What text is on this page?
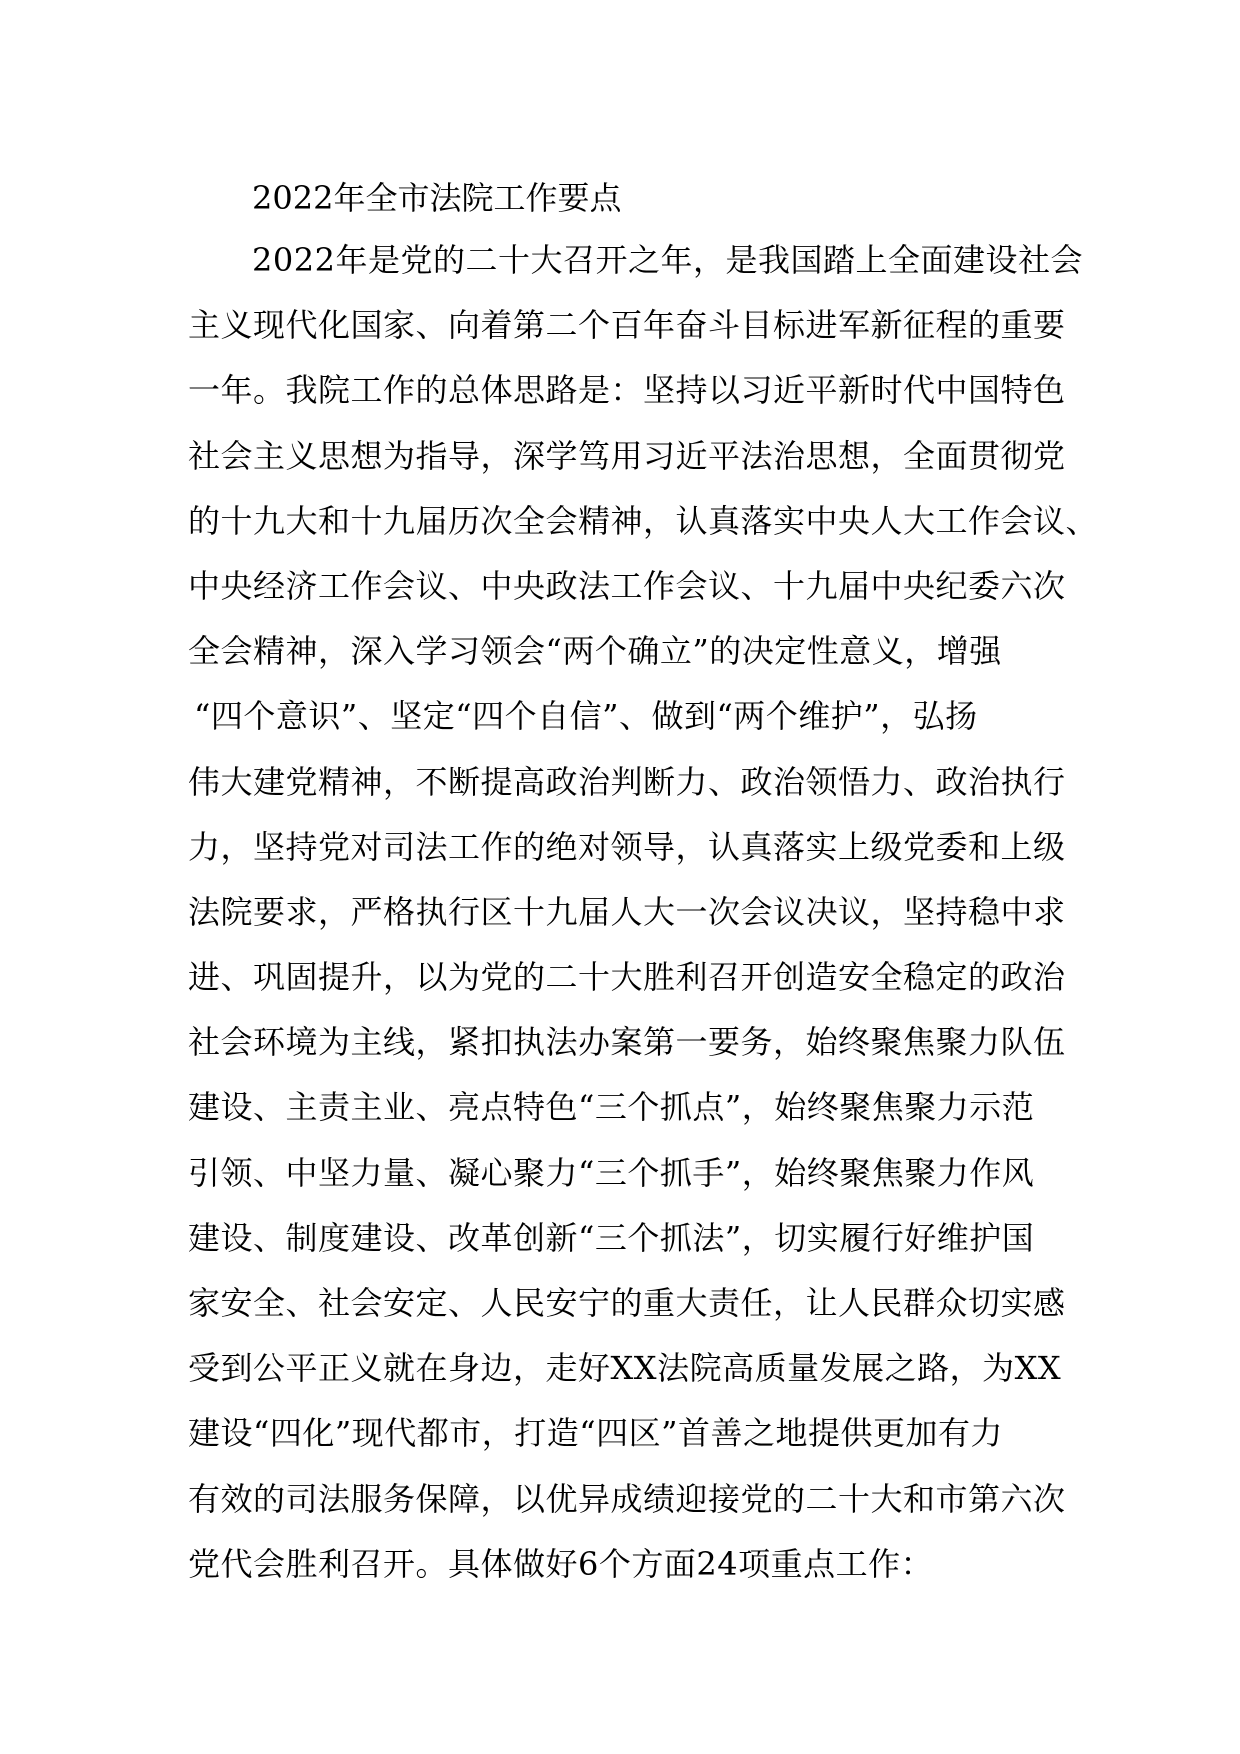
2022年全市法院工作要点

2022年是党的二十大召开之年，是我国踏上全面建设社会

主义现代化国家、向着第二个百年奋斗目标进军新征程的重要

一年。我院工作的总体思路是：坚持以习近平新时代中国特色

社会主义思想为指导，深学笃用习近平法治思想，全面贯彻党

的十九大和十九届历次全会精神，认真落实中央人大工作会议、

中央经济工作会议、中央政法工作会议、十九届中央纪委六次

全会精神，深入学习领会“两个确立”的决定性意义，增强

“四个意识”、坚定“四个自信”、做到“两个维护”，弘扬

伟大建党精神，不断提高政治判断力、政治领悟力、政治执行

力，坚持党对司法工作的绝对领导，认真落实上级党委和上级

法院要求，严格执行区十九届人大一次会议决议，坚持稳中求

进、巩固提升，以为党的二十大胜利召开创造安全稳定的政治

社会环境为主线，紧扣执法办案第一要务，始终聚焦聚力队伍

建设、主责主业、亮点特色“三个抓点”，始终聚焦聚力示范

引领、中坚力量、凝心聚力“三个抓手”，始终聚焦聚力作风

建设、制度建设、改革创新“三个抓法”，切实履行好维护国

家安全、社会安定、人民安宁的重大责任，让人民群众切实感

受到公平正义就在身边，走好XX法院高质量发展之路，为XX

建设“四化”现代都市，打造“四区”首善之地提供更加有力

有效的司法服务保障，以优异成绩迎接党的二十大和市第六次

党代会胜利召开。具体做好6个方面24项重点工作：
